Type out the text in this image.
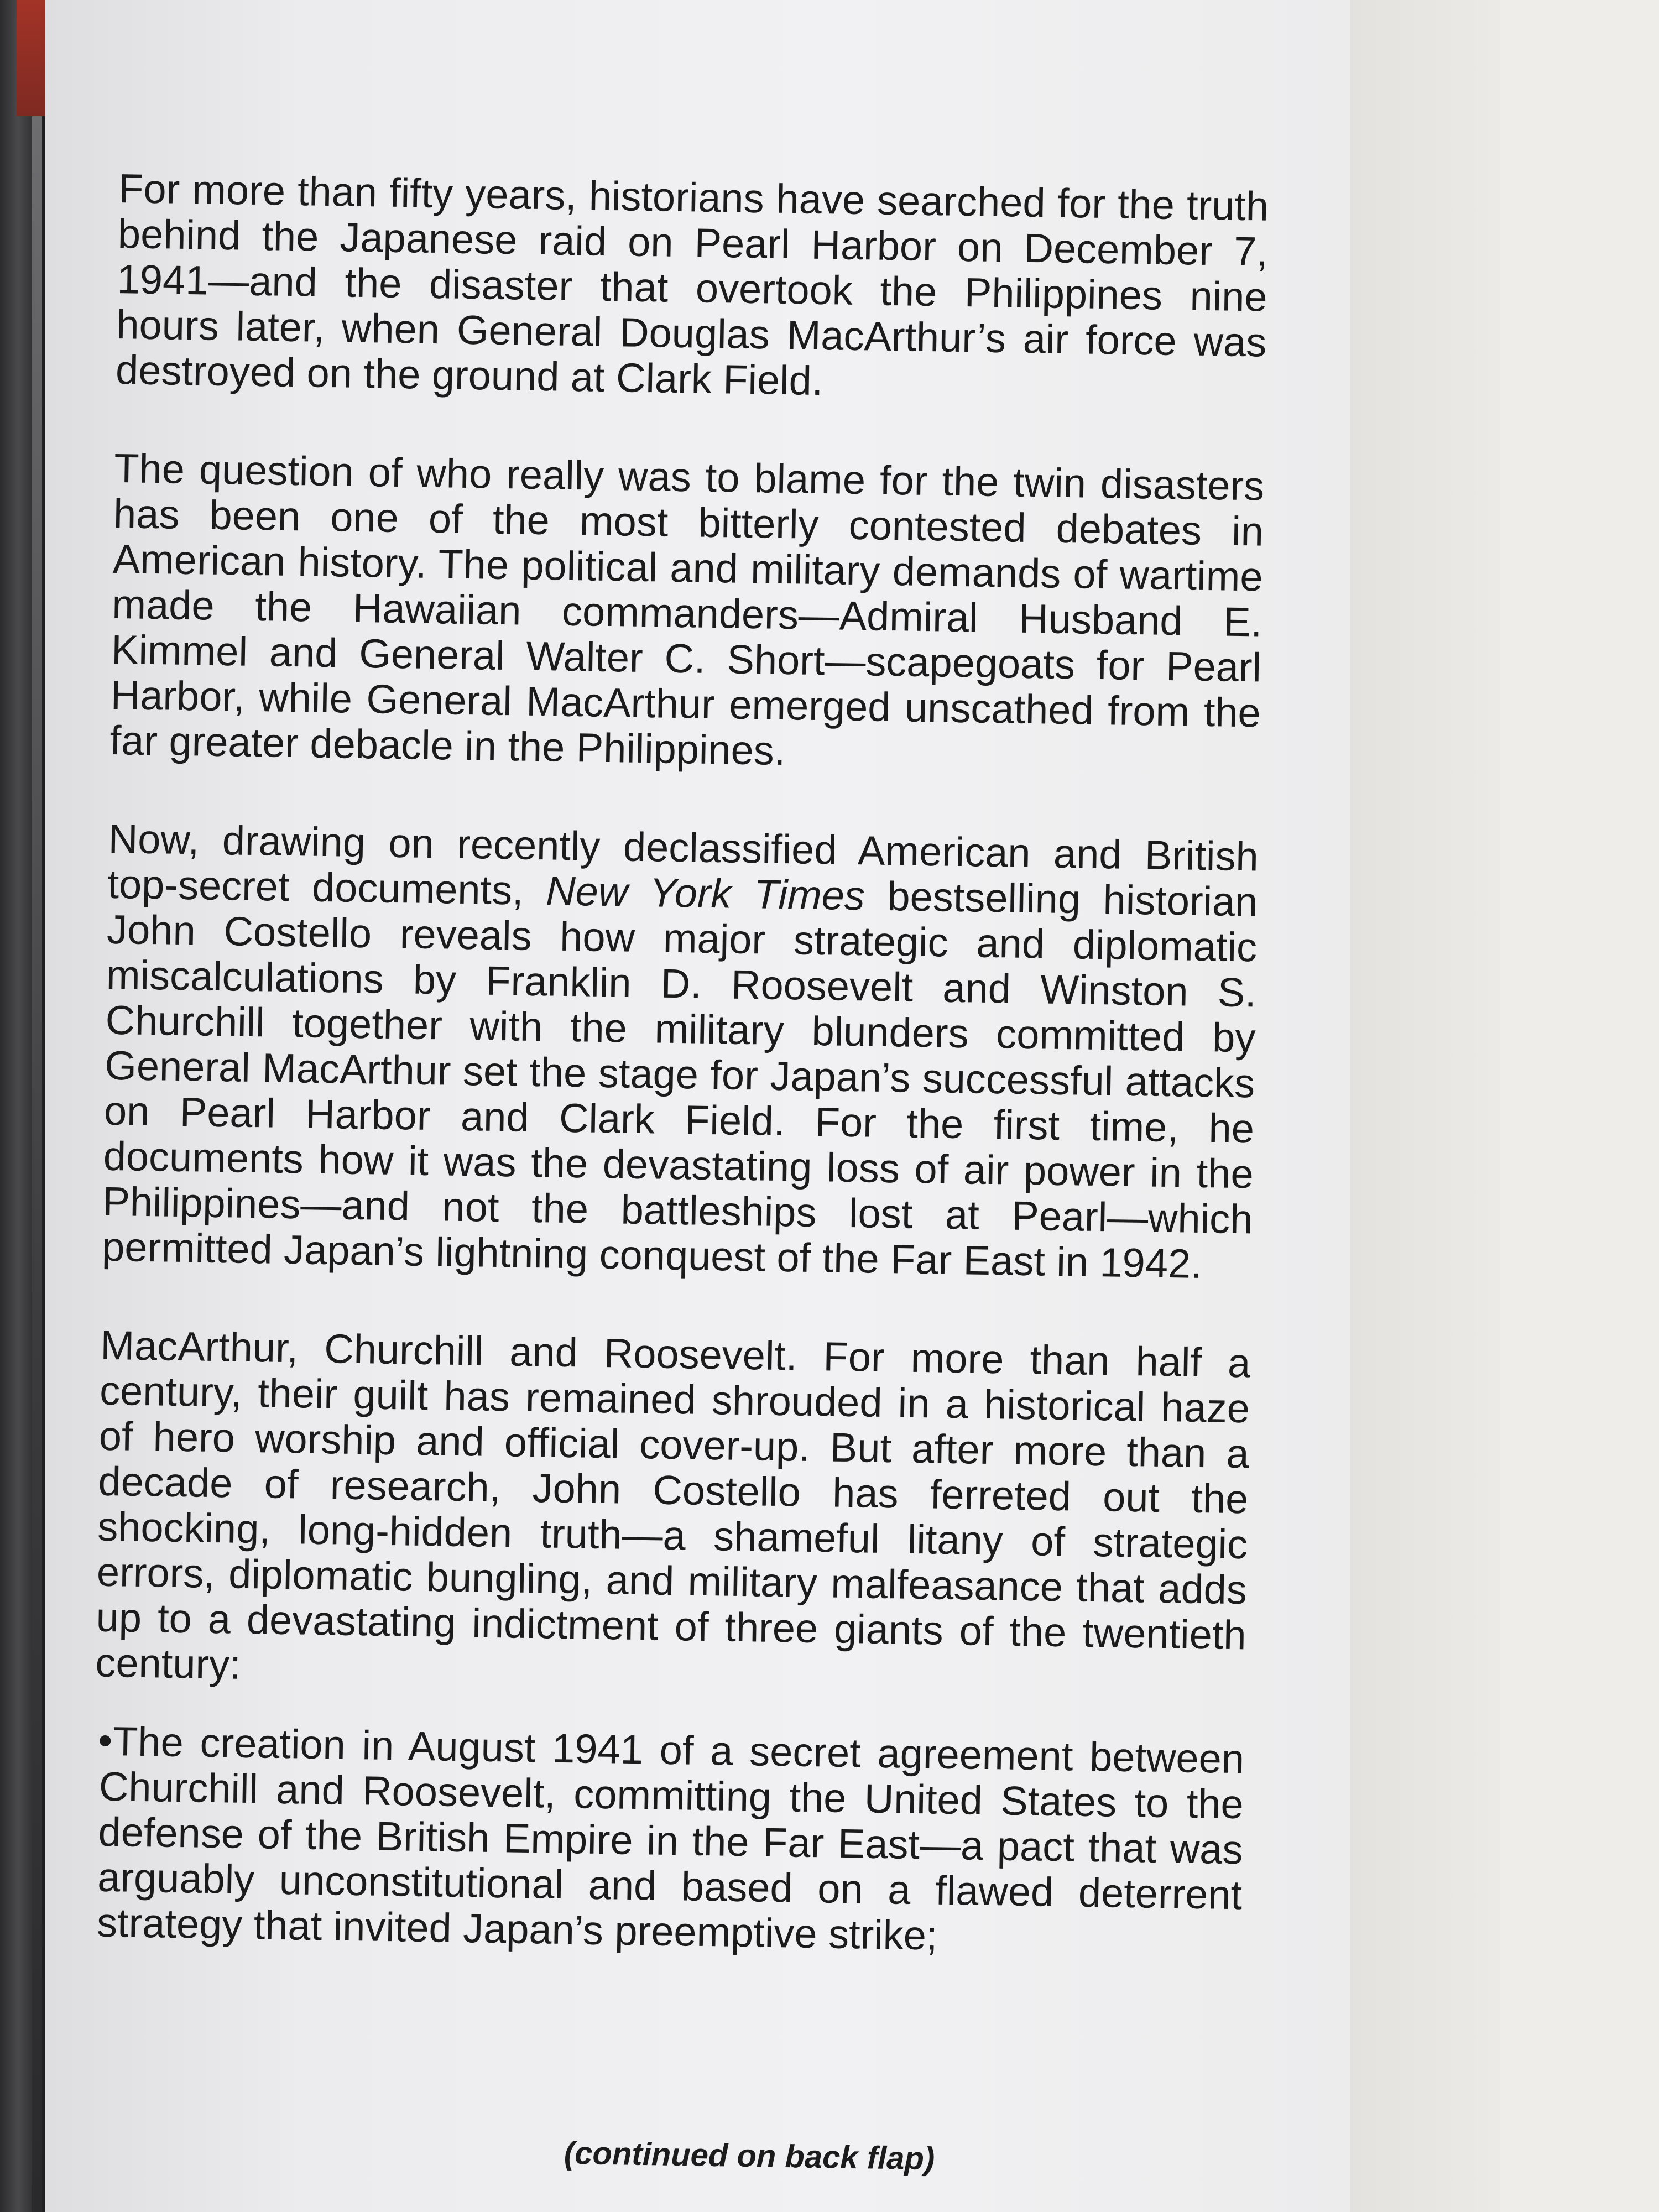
For more than fifty years, historians have searched for the truth behind the Japanese raid on Pearl Harbor on December 7, 1941—and the disaster that overtook the Philippines nine hours later, when General Douglas MacArthur’s air force was destroyed on the ground at Clark Field.

The question of who really was to blame for the twin disasters has been one of the most bitterly contested debates in American history. The political and military demands of wartime made the Hawaiian commanders—Admiral Husband E. Kimmel and General Walter C. Short—scapegoats for Pearl Harbor, while General MacArthur emerged unscathed from the far greater debacle in the Philippines.

Now, drawing on recently declassified American and British top-secret documents, New York Times bestselling historian John Costello reveals how major strategic and diplomatic miscalculations by Franklin D. Roosevelt and Winston S. Churchill together with the military blunders committed by General MacArthur set the stage for Japan’s successful attacks on Pearl Harbor and Clark Field. For the first time, he documents how it was the devastating loss of air power in the Philippines—and not the battleships lost at Pearl—which permitted Japan’s lightning conquest of the Far East in 1942.

MacArthur, Churchill and Roosevelt. For more than half a century, their guilt has remained shrouded in a historical haze of hero worship and official cover-up. But after more than a decade of research, John Costello has ferreted out the shocking, long-hidden truth—a shameful litany of strategic errors, diplomatic bungling, and military malfeasance that adds up to a devastating indictment of three giants of the twentieth century:

The creation in August 1941 of a secret agreement between Churchill and Roosevelt, committing the United States to the defense of the British Empire in the Far East—a pact that was arguably unconstitutional and based on a flawed deterrent strategy that invited Japan’s preemptive strike;

(continued on back flap)
